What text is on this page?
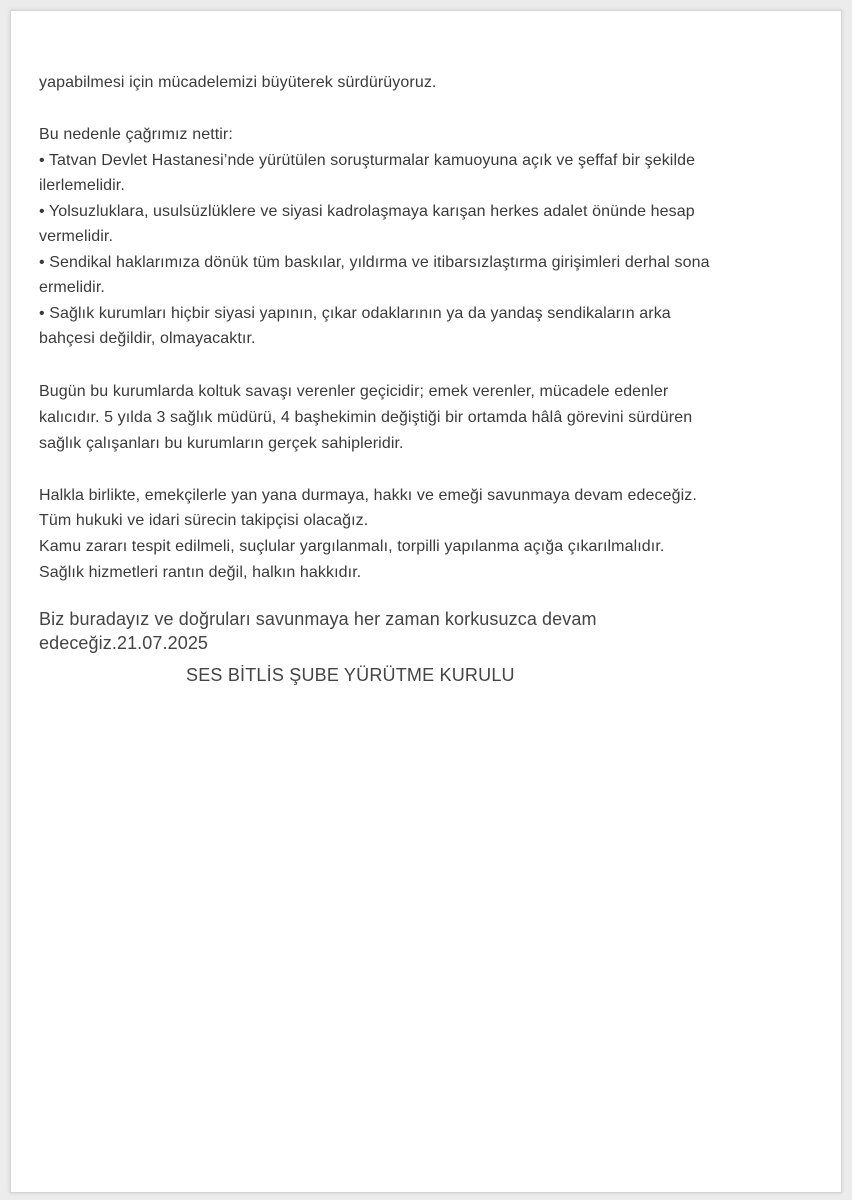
yapabilmesi için mücadelemizi büyüterek sürdürüyoruz.
Bu nedenle çağrımız nettir:
• Tatvan Devlet Hastanesi’nde yürütülen soruşturmalar kamuoyuna açık ve şeffaf bir şekilde
ilerlemelidir.
• Yolsuzluklara, usulsüzlüklere ve siyasi kadrolaşmaya karışan herkes adalet önünde hesap
vermelidir.
• Sendikal haklarımıza dönük tüm baskılar, yıldırma ve itibarsızlaştırma girişimleri derhal sona
ermelidir.
• Sağlık kurumları hiçbir siyasi yapının, çıkar odaklarının ya da yandaş sendikaların arka
bahçesi değildir, olmayacaktır.
Bugün bu kurumlarda koltuk savaşı verenler geçicidir; emek verenler, mücadele edenler
kalıcıdır. 5 yılda 3 sağlık müdürü, 4 başhekimin değiştiği bir ortamda hâlâ görevini sürdüren
sağlık çalışanları bu kurumların gerçek sahipleridir.
Halkla birlikte, emekçilerle yan yana durmaya, hakkı ve emeği savunmaya devam edeceğiz.
Tüm hukuki ve idari sürecin takipçisi olacağız.
Kamu zararı tespit edilmeli, suçlular yargılanmalı, torpilli yapılanma açığa çıkarılmalıdır.
Sağlık hizmetleri rantın değil, halkın hakkıdır.
Biz buradayız ve doğruları savunmaya her zaman korkusuzca devam
edeceğiz.21.07.2025
SES BİTLİS ŞUBE YÜRÜTME KURULU
